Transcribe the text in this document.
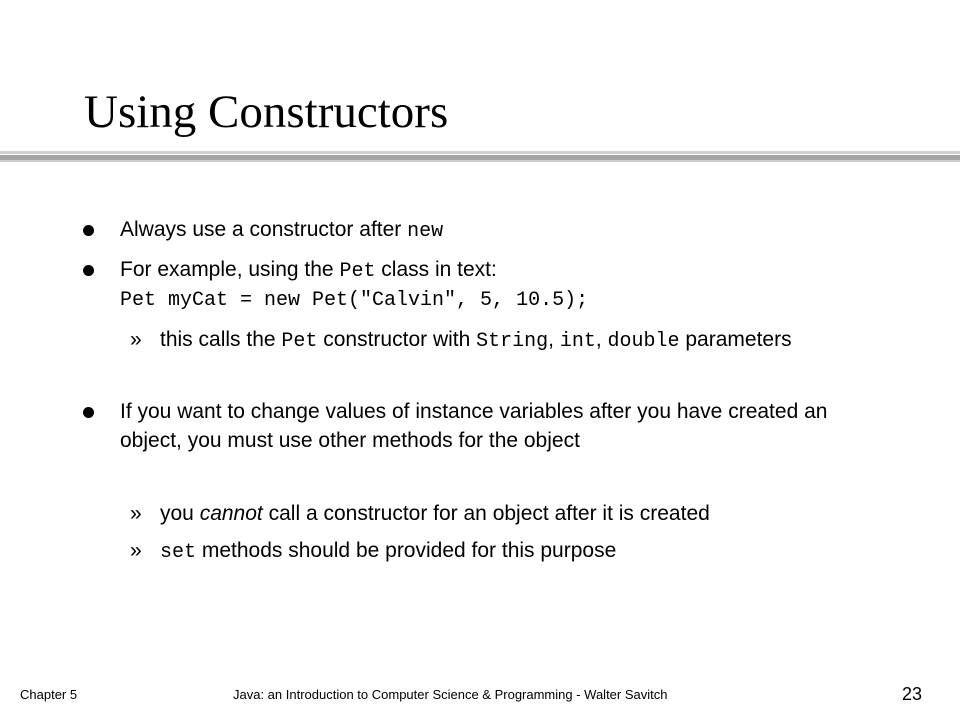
Using Constructors
Always use a constructor after new
For example, using the Pet class in text:
Pet myCat = new Pet("Calvin", 5, 10.5);
» this calls the Pet constructor with String, int, double parameters
If you want to change values of instance variables after you have created an object, you must use other methods for the object
» you cannot call a constructor for an object after it is created
» set methods should be provided for this purpose
Chapter 5	Java: an Introduction to Computer Science & Programming - Walter Savitch	23
